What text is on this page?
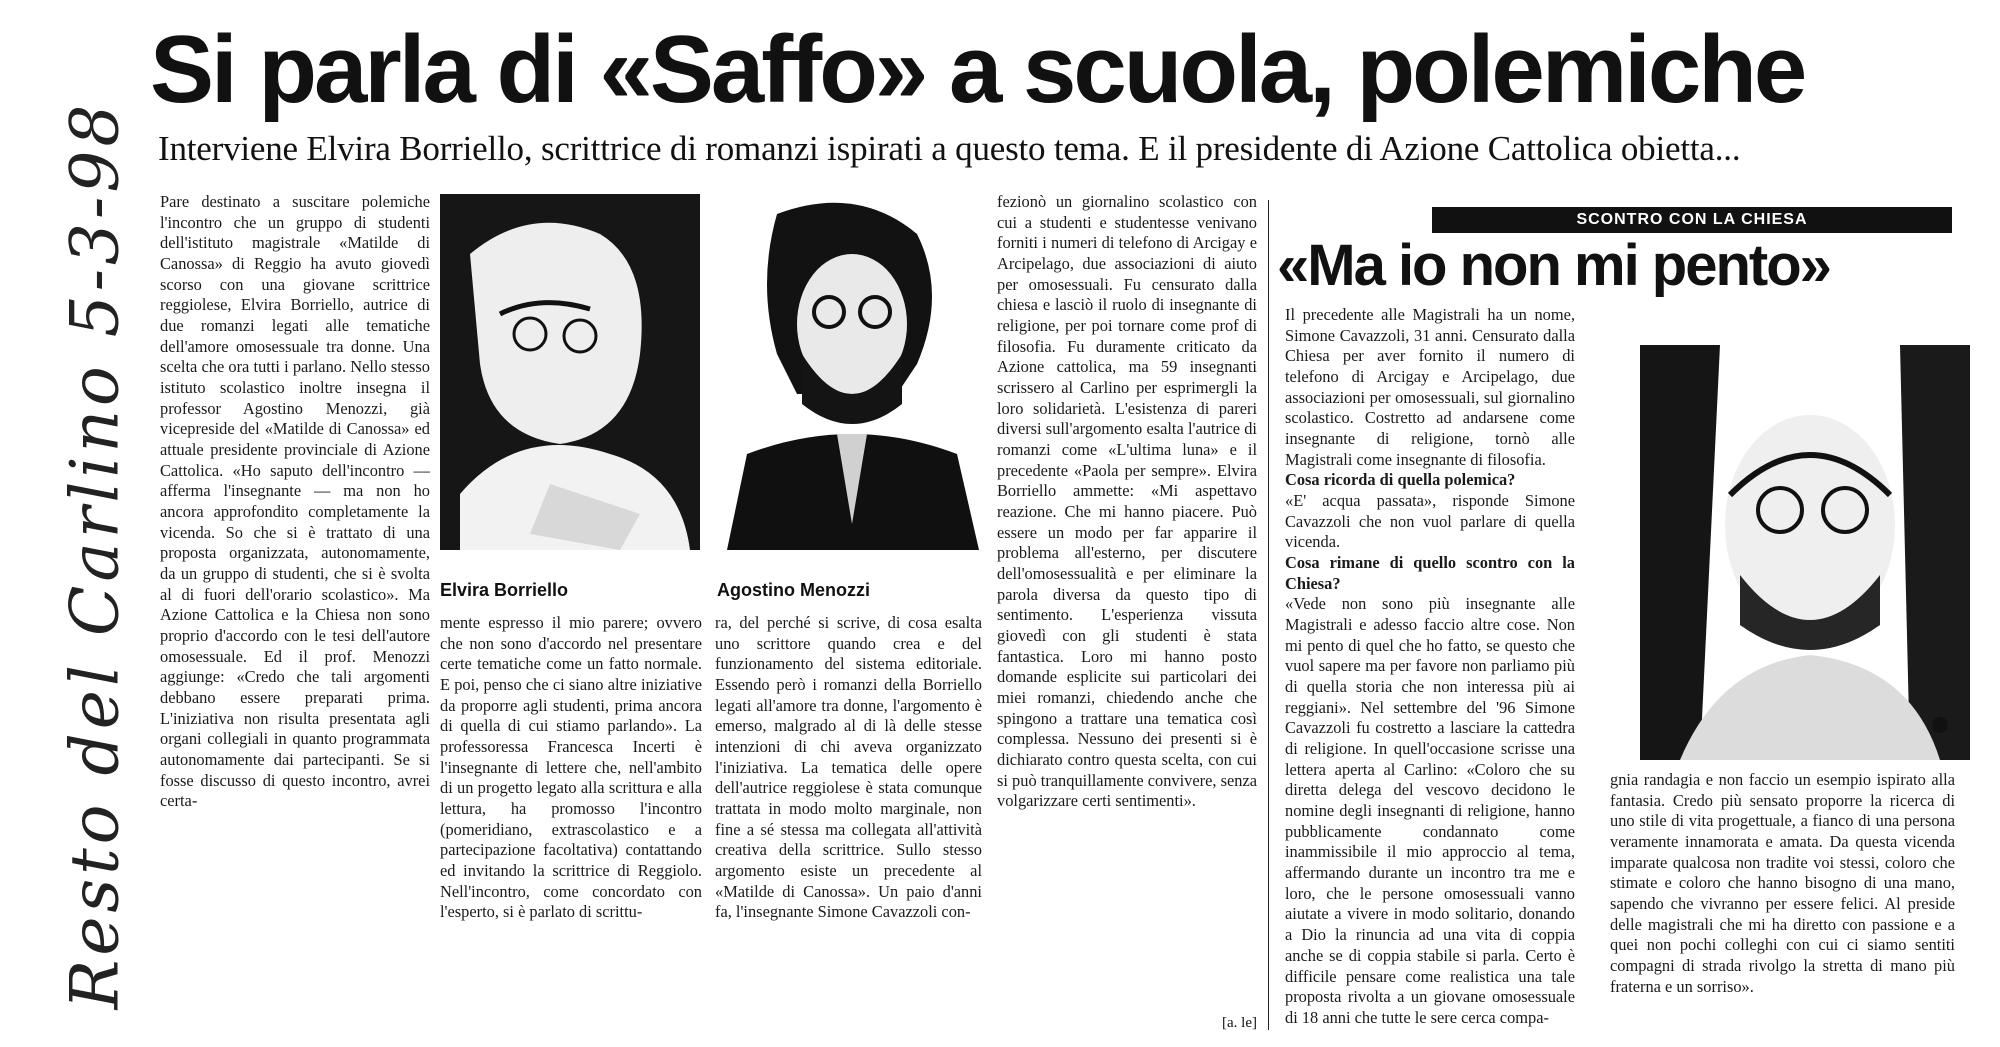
Resto del Carlino 5-3-98
Si parla di «Saffo» a scuola, polemiche
Interviene Elvira Borriello, scrittrice di romanzi ispirati a questo tema. E il presidente di Azione Cattolica obietta...

Pare destinato a suscitare polemiche l'incontro che un gruppo di studenti dell'istituto magistrale «Matilde di Canossa» di Reggio ha avuto giovedì scorso con una giovane scrittrice reggiolese, Elvira Borriello, autrice di due romanzi legati alle tematiche dell'amore omosessuale tra donne. Una scelta che ora tutti i parlano. Nello stesso istituto scolastico inoltre insegna il professor Agostino Menozzi, già vicepreside del «Matilde di Canossa» ed attuale presidente provinciale di Azione Cattolica. «Ho saputo dell'incontro — afferma l'insegnante — ma non ho ancora approfondito completamente la vicenda. So che si è trattato di una proposta organizzata, autonomamente, da un gruppo di studenti, che si è svolta al di fuori dell'orario scolastico». Ma Azione Cattolica e la Chiesa non sono proprio d'accordo con le tesi dell'autore omosessuale. Ed il prof. Menozzi aggiunge: «Credo che tali argomenti debbano essere preparati prima. L'iniziativa non risulta presentata agli organi collegiali in quanto programmata autonomamente dai partecipanti. Se si fosse discusso di questo incontro, avrei certa-

Elvira Borriello

mente espresso il mio parere; ovvero che non sono d'accordo nel presentare certe tematiche come un fatto normale. E poi, penso che ci siano altre iniziative da proporre agli studenti, prima ancora di quella di cui stiamo parlando». La professoressa Francesca Incerti è l'insegnante di lettere che, nell'ambito di un progetto legato alla scrittura e alla lettura, ha promosso l'incontro (pomeridiano, extrascolastico e a partecipazione facoltativa) contattando ed invitando la scrittrice di Reggiolo. Nell'incontro, come concordato con l'esperto, si è parlato di scrittu-

Agostino Menozzi

ra, del perché si scrive, di cosa esalta uno scrittore quando crea e del funzionamento del sistema editoriale. Essendo però i romanzi della Borriello legati all'amore tra donne, l'argomento è emerso, malgrado al di là delle stesse intenzioni di chi aveva organizzato l'iniziativa. La tematica delle opere dell'autrice reggiolese è stata comunque trattata in modo molto marginale, non fine a sé stessa ma collegata all'attività creativa della scrittrice. Sullo stesso argomento esiste un precedente al «Matilde di Canossa». Un paio d'anni fa, l'insegnante Simone Cavazzoli con-

fezionò un giornalino scolastico con cui a studenti e studentesse venivano forniti i numeri di telefono di Arcigay e Arcipelago, due associazioni di aiuto per omosessuali. Fu censurato dalla chiesa e lasciò il ruolo di insegnante di religione, per poi tornare come prof di filosofia. Fu duramente criticato da Azione cattolica, ma 59 insegnanti scrissero al Carlino per esprimergli la loro solidarietà. L'esistenza di pareri diversi sull'argomento esalta l'autrice di romanzi come «L'ultima luna» e il precedente «Paola per sempre». Elvira Borriello ammette: «Mi aspettavo reazione. Che mi hanno piacere. Può essere un modo per far apparire il problema all'esterno, per discutere dell'omosessualità e per eliminare la parola diversa da questo tipo di sentimento. L'esperienza vissuta giovedì con gli studenti è stata fantastica. Loro mi hanno posto domande esplicite sui particolari dei miei romanzi, chiedendo anche che spingono a trattare una tematica così complessa. Nessuno dei presenti si è dichiarato contro questa scelta, con cui si può tranquillamente convivere, senza volgarizzare certi sentimenti».

[a. le]
SCONTRO CON LA CHIESA
«Ma io non mi pento»

Il precedente alle Magistrali ha un nome, Simone Cavazzoli, 31 anni. Censurato dalla Chiesa per aver fornito il numero di telefono di Arcigay e Arcipelago, due associazioni per omosessuali, sul giornalino scolastico. Costretto ad andarsene come insegnante di religione, tornò alle Magistrali come insegnante di filosofia.

Cosa ricorda di quella polemica?

«E' acqua passata», risponde Simone Cavazzoli che non vuol parlare di quella vicenda.

Cosa rimane di quello scontro con la Chiesa?

«Vede non sono più insegnante alle Magistrali e adesso faccio altre cose. Non mi pento di quel che ho fatto, se questo che vuol sapere ma per favore non parliamo più di quella storia che non interessa più ai reggiani». Nel settembre del '96 Simone Cavazzoli fu costretto a lasciare la cattedra di religione. In quell'occasione scrisse una lettera aperta al Carlino: «Coloro che su diretta delega del vescovo decidono le nomine degli insegnanti di religione, hanno pubblicamente condannato come inammissibile il mio approccio al tema, affermando durante un incontro tra me e loro, che le persone omosessuali vanno aiutate a vivere in modo solitario, donando a Dio la rinuncia ad una vita di coppia anche se di coppia stabile si parla. Certo è difficile pensare come realistica una tale proposta rivolta a un giovane omosessuale di 18 anni che tutte le sere cerca compa-

gnia randagia e non faccio un esempio ispirato alla fantasia. Credo più sensato proporre la ricerca di uno stile di vita progettuale, a fianco di una persona veramente innamorata e amata. Da questa vicenda imparate qualcosa non tradite voi stessi, coloro che stimate e coloro che hanno bisogno di una mano, sapendo che vivranno per essere felici. Al preside delle magistrali che mi ha diretto con passione e a quei non pochi colleghi con cui ci siamo sentiti compagni di strada rivolgo la stretta di mano più fraterna e un sorriso».
